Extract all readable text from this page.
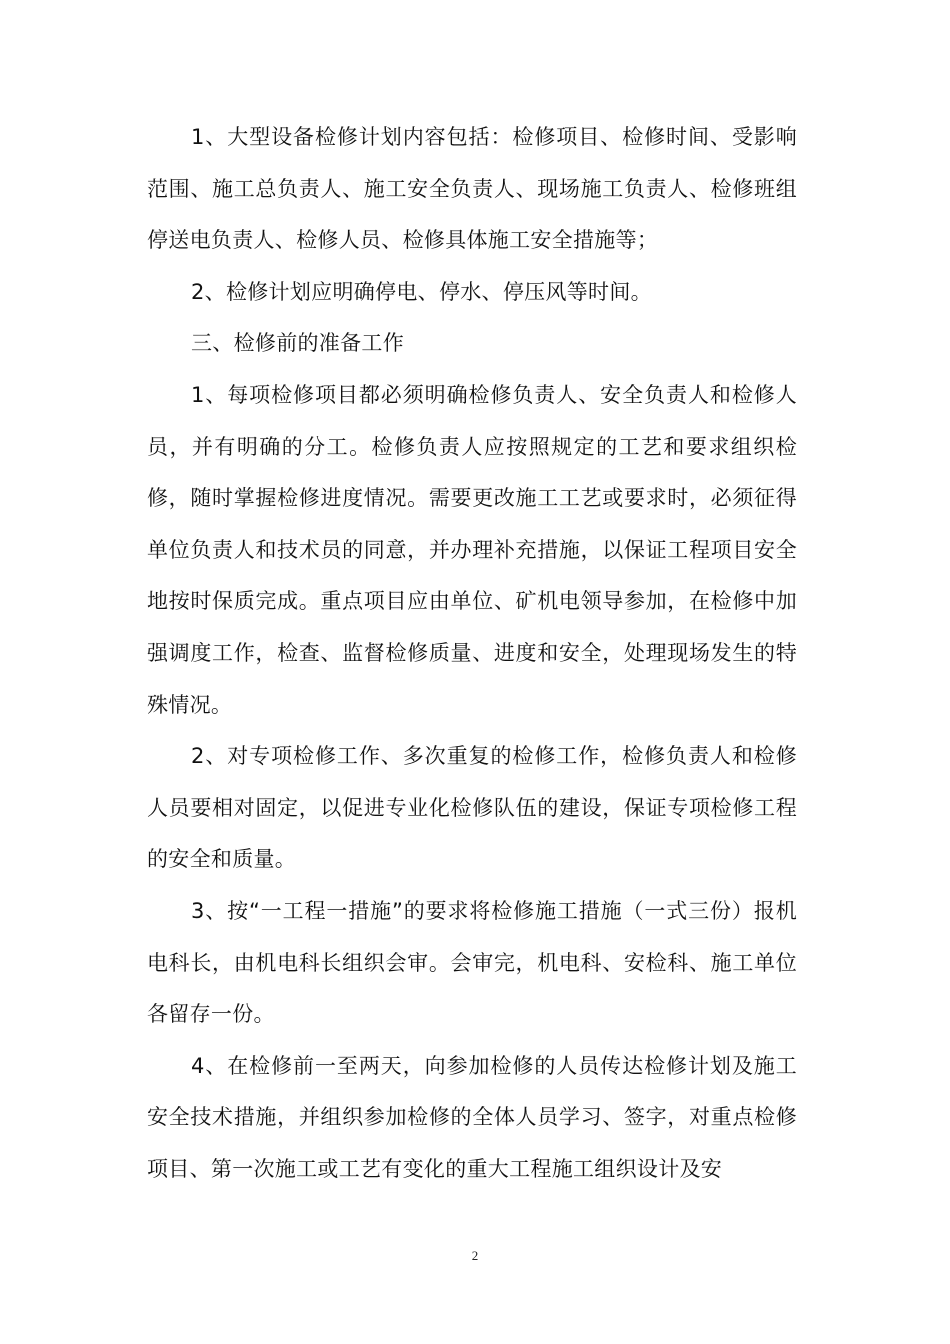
1、大型设备检修计划内容包括：检修项目、检修时间、受影响范围、施工总负责人、施工安全负责人、现场施工负责人、检修班组停送电负责人、检修人员、检修具体施工安全措施等；

2、检修计划应明确停电、停水、停压风等时间。

三、检修前的准备工作

1、每项检修项目都必须明确检修负责人、安全负责人和检修人员，并有明确的分工。检修负责人应按照规定的工艺和要求组织检修，随时掌握检修进度情况。需要更改施工工艺或要求时，必须征得单位负责人和技术员的同意，并办理补充措施，以保证工程项目安全地按时保质完成。重点项目应由单位、矿机电领导参加，在检修中加强调度工作，检查、监督检修质量、进度和安全，处理现场发生的特殊情况。

2、对专项检修工作、多次重复的检修工作，检修负责人和检修人员要相对固定，以促进专业化检修队伍的建设，保证专项检修工程的安全和质量。

3、按“一工程一措施”的要求将检修施工措施（一式三份）报机电科长，由机电科长组织会审。会审完，机电科、安检科、施工单位各留存一份。

4、在检修前一至两天，向参加检修的人员传达检修计划及施工安全技术措施，并组织参加检修的全体人员学习、签字，对重点检修项目、第一次施工或工艺有变化的重大工程施工组织设计及安

2
